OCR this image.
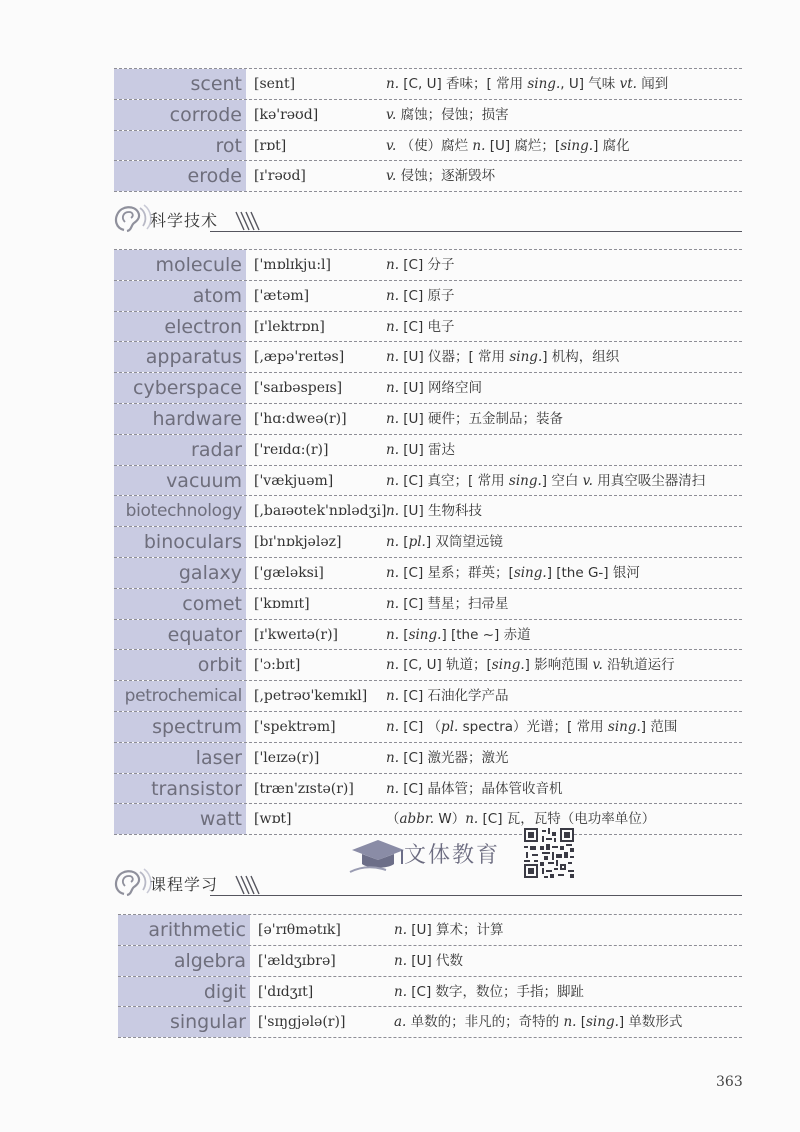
scent [sent]	n. [C, U] 香味；[ 常用 sing., U] 气味 vt. 闻到
corrode [kə'rəʊd]	v. 腐蚀；侵蚀；损害
rot [rɒt]	v. （使）腐烂 n. [U] 腐烂；[sing.] 腐化
erode [ɪ'rəʊd]	v. 侵蚀；逐渐毁坏
科学技术
molecule ['mɒlɪkju:l]	n. [C] 分子
atom ['ætəm]	n. [C] 原子
electron [ɪ'lektrɒn]	n. [C] 电子
apparatus [,æpə'reɪtəs]	n. [U] 仪器；[ 常用 sing.] 机构，组织
cyberspace ['saɪbəspeɪs]	n. [U] 网络空间
hardware ['hɑ:dweə(r)]	n. [U] 硬件；五金制品；装备
radar ['reɪdɑ:(r)]	n. [U] 雷达
vacuum ['vækjuəm]	n. [C] 真空；[ 常用 sing.] 空白 v. 用真空吸尘器清扫
biotechnology [,baɪəʊtek'nɒlədʒi] n. [U] 生物科技
binoculars [bɪ'nɒkjələz]	n. [pl.] 双筒望远镜
galaxy ['gæləksi]	n. [C] 星系；群英；[sing.] [the G-] 银河
comet ['kɒmɪt]	n. [C] 彗星；扫帚星
equator [ɪ'kweɪtə(r)]	n. [sing.] [the ~] 赤道
orbit ['ɔ:bɪt]	n. [C, U] 轨道；[sing.] 影响范围 v. 沿轨道运行
petrochemical [,petrəʊ'kemɪkl] n. [C] 石油化学产品
spectrum ['spektrəm]	n. [C] （pl. spectra）光谱；[ 常用 sing.] 范围
laser ['leɪzə(r)]	n. [C] 激光器；激光
transistor [træn'zɪstə(r)] n. [C] 晶体管；晶体管收音机
watt [wɒt]	（abbr. W）n. [C] 瓦，瓦特（电功率单位）
文体教育
课程学习
arithmetic [ə'rɪθmətɪk]	n. [U] 算术；计算
algebra ['ældʒɪbrə]	n. [U] 代数
digit ['dɪdʒɪt]	n. [C] 数字，数位；手指；脚趾
singular ['sɪŋgjələ(r)]	a. 单数的；非凡的；奇特的 n. [sing.] 单数形式
363
